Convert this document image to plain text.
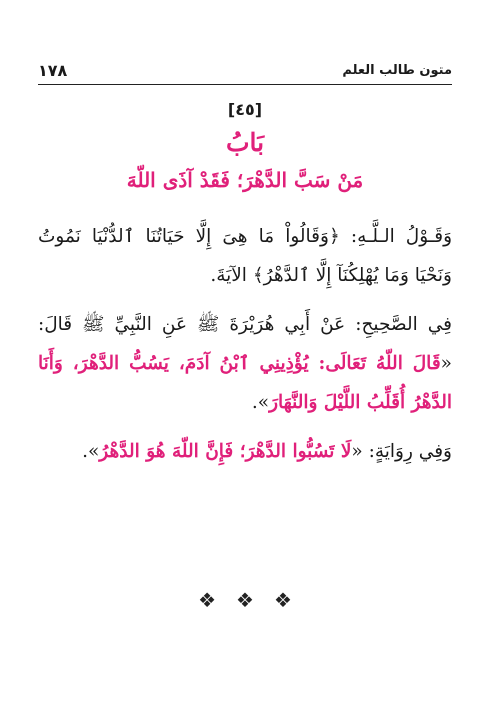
١٧٨	متون طالب العلم
[٤٥]
بَابُ
مَنْ سَبَّ الدَّهْرَ؛ فَقَدْ آذَى اللّهَ

وَقَـوْلُ الـلَّـهِ: ﴿وَقَالُواْ مَا هِىَ إِلَّا حَيَاتُنَا ٱلدُّنْيَا نَمُوتُ وَنَحْيَا وَمَا يُهْلِكُنَآ إِلَّا ٱلدَّهْرُ﴾ الآيَةَ.

فِي الصَّحِيحِ: عَنْ أَبِي هُرَيْرَةَ ﷺ عَنِ النَّبِيِّ ﷺ قَالَ: «قَالَ اللّهُ تَعَالَى: يُؤْذِينِي ٱبْنُ آدَمَ، يَسُبُّ الدَّهْرَ، وَأَنَا الدَّهْرُ أُقَلِّبُ اللَّيْلَ وَالنَّهَارَ».

وَفِي رِوَايَةٍ: «لَا تَسُبُّوا الدَّهْرَ؛ فَإِنَّ اللّهَ هُوَ الدَّهْرُ».

❖❖❖
